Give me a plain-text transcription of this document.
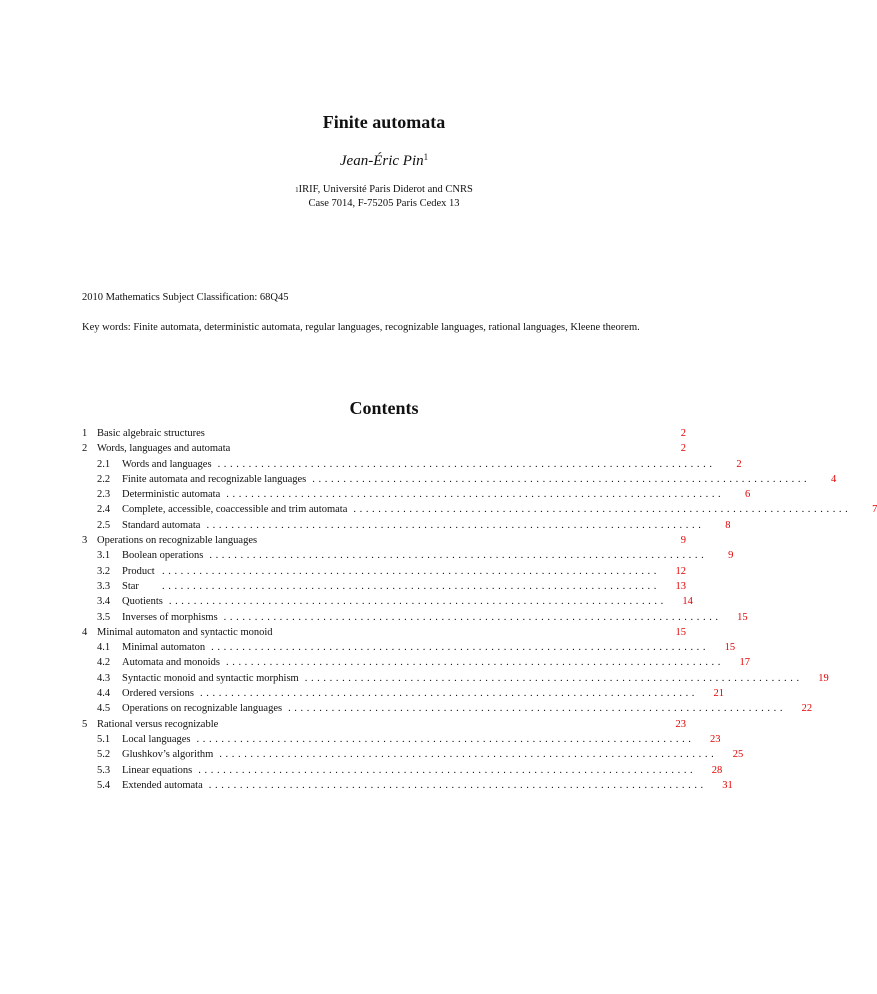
Finite automata
Jean-Éric Pin$^1$
$^1$IRIF, Université Paris Diderot and CNRS
Case 7014, F-75205 Paris Cedex 13
2010 Mathematics Subject Classification: 68Q45
Key words: Finite automata, deterministic automata, regular languages, recognizable languages, rational languages, Kleene theorem.
Contents
1 Basic algebraic structures	2
2 Words, languages and automata	2
2.1	Words and languages ................................................................................	2
2.2	Finite automata and recognizable languages ................................................................................	4
2.3	Deterministic automata ................................................................................	6
2.4	Complete, accessible, coaccessible and trim automata ................................................................................	7
2.5	Standard automata ................................................................................	8
3 Operations on recognizable languages	9
3.1	Boolean operations ................................................................................	9
3.2	Product ................................................................................	12
3.3	Star	................................................................................	13
3.4	Quotients ................................................................................	14
3.5	Inverses of morphisms ................................................................................	15
4 Minimal automaton and syntactic monoid	15
4.1	Minimal automaton ................................................................................	15
4.2	Automata and monoids ................................................................................	17
4.3	Syntactic monoid and syntactic morphism ................................................................................	19
4.4	Ordered versions ................................................................................	21
4.5	Operations on recognizable languages ................................................................................	22
5 Rational versus recognizable	23
5.1	Local languages ................................................................................	23
5.2	Glushkov’s algorithm ................................................................................	25
5.3	Linear equations ................................................................................	28
5.4	Extended automata ................................................................................	31
